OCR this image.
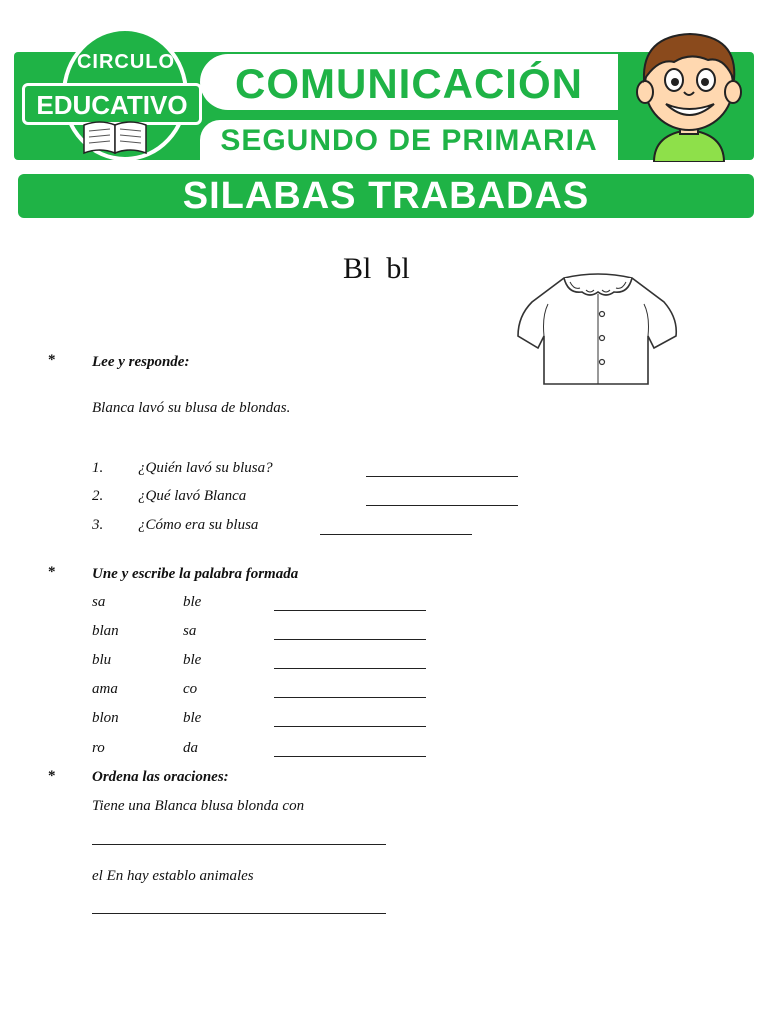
COMUNICACIÓN
SEGUNDO DE PRIMARIA
CIRCULO
EDUCATIVO
SILABAS TRABADAS
Bl  bl
* Lee y responde:
Blanca lavó su blusa de blondas.
1. ¿Quién lavó su blusa?
2. ¿Qué lavó Blanca
3. ¿Cómo era su blusa
* Une y escribe la palabra formada
sa	ble
blan	sa
blu	ble
ama	co
blon	ble
ro	da
* Ordena las oraciones:
Tiene una Blanca blusa blonda con
el En hay establo animales
